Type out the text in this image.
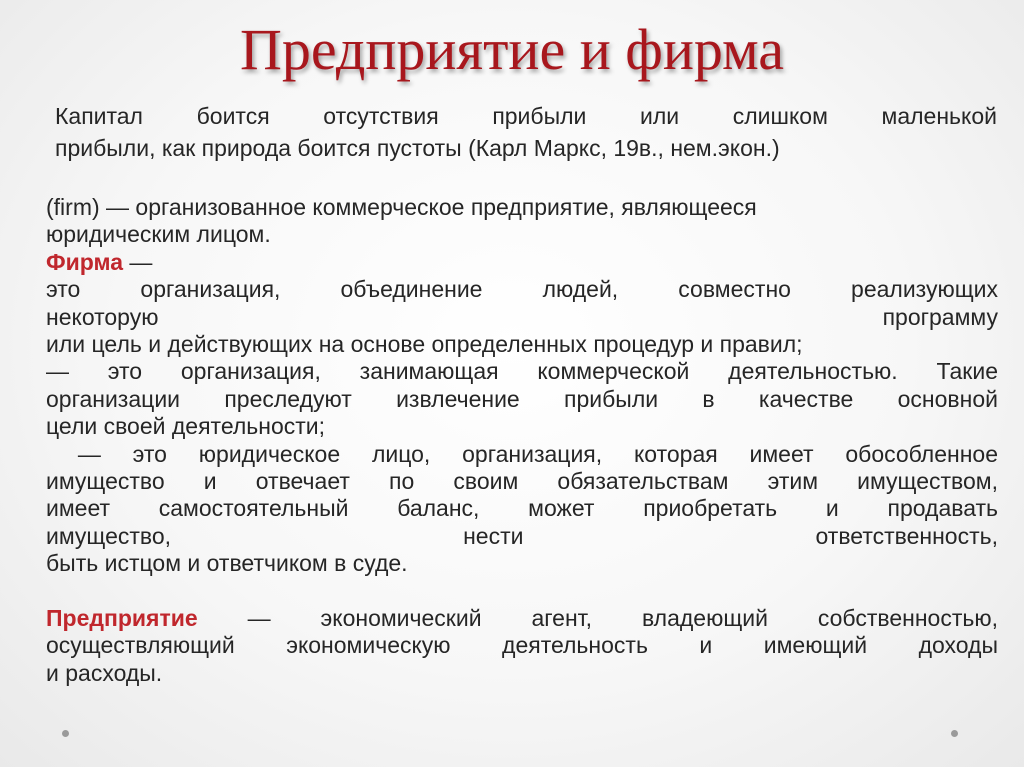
Предприятие и фирма
Капитал боится отсутствия прибыли или слишком маленькой
прибыли, как природа боится пустоты (Карл Маркс, 19в., нем.экон.)

(firm) — организованное коммерческое предприятие, являющееся

юридическим лицом.

Фирма —

это организация, объединение людей, совместно реализующих

некоторую	программу

или цель и действующих на основе определенных процедур и правил;

— это организация, занимающая коммерческой деятельностью. Такие

организации преследуют извлечение прибыли в качестве основной

цели своей деятельности;

— это юридическое лицо, организация, которая имеет обособленное

имущество и отвечает по своим обязательствам этим имуществом,

имеет самостоятельный баланс, может приобретать и продавать

имущество, нести ответственность,

быть истцом и ответчиком в суде.

Предприятие — экономический агент, владеющий собственностью,

осуществляющий экономическую деятельность и имеющий доходы

и расходы.
